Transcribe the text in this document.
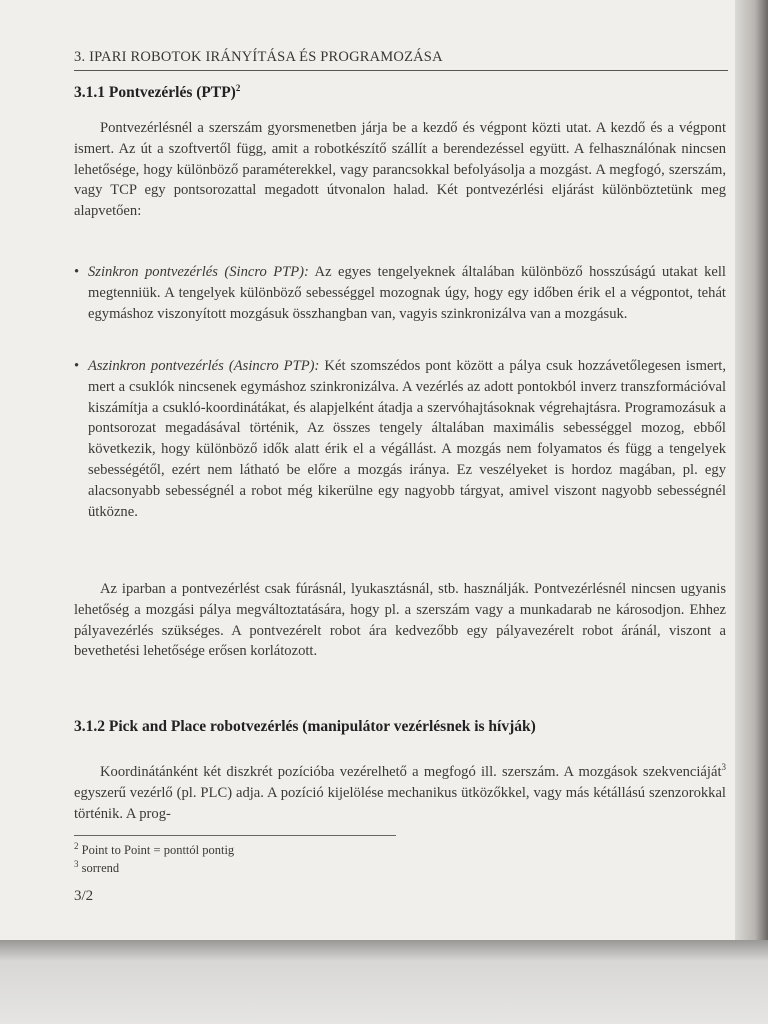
3. IPARI ROBOTOK IRÁNYÍTÁSA ÉS PROGRAMOZÁSA
3.1.1 Pontvezérlés (PTP)$^2$

Pontvezérlésnél a szerszám gyorsmenetben járja be a kezdő és végpont közti utat. A kezdő és a végpont ismert. Az út a szoftvertől függ, amit a robotkészítő szállít a berendezéssel együtt. A felhasználónak nincsen lehetősége, hogy különböző paraméterekkel, vagy parancsokkal befolyásolja a mozgást. A megfogó, szerszám, vagy TCP egy pontsorozattal megadott útvonalon halad. Két pontvezérlési eljárást különböztetünk meg alapvetően:

• Szinkron pontvezérlés (Sincro PTP): Az egyes tengelyeknek általában különböző hosszúságú utakat kell megtenniük. A tengelyek különböző sebességgel mozognak úgy, hogy egy időben érik el a végpontot, tehát egymáshoz viszonyított mozgásuk összhangban van, vagyis szinkronizálva van a mozgásuk.

• Aszinkron pontvezérlés (Asincro PTP): Két szomszédos pont között a pálya csuk hozzávetőlegesen ismert, mert a csuklók nincsenek egymáshoz szinkronizálva. A vezérlés az adott pontokból inverz transzformációval kiszámítja a csukló-koordinátákat, és alapjelként átadja a szervóhajtásoknak végrehajtásra. Programozásuk a pontsorozat megadásával történik, Az összes tengely általában maximális sebességgel mozog, ebből következik, hogy különböző idők alatt érik el a végállást. A mozgás nem folyamatos és függ a tengelyek sebességétől, ezért nem látható be előre a mozgás iránya. Ez veszélyeket is hordoz magában, pl. egy alacsonyabb sebességnél a robot még kikerülne egy nagyobb tárgyat, amivel viszont nagyobb sebességnél ütközne.

Az iparban a pontvezérlést csak fúrásnál, lyukasztásnál, stb. használják. Pontvezérlésnél nincsen ugyanis lehetőség a mozgási pálya megváltoztatására, hogy pl. a szerszám vagy a munkadarab ne károsodjon. Ehhez pályavezérlés szükséges. A pontvezérelt robot ára kedvezőbb egy pályavezérelt robot áránál, viszont a bevethetési lehetősége erősen korlátozott.

3.1.2 Pick and Place robotvezérlés (manipulátor vezérlésnek is hívják)

Koordinátánként két diszkrét pozícióba vezérelhető a megfogó ill. szerszám. A mozgások szekvenciáját$^3$ egyszerű vezérlő (pl. PLC) adja. A pozíció kijelölése mechanikus ütközőkkel, vagy más kétállású szenzorokkal történik. A prog-

$^2$ Point to Point = ponttól pontig
$^3$ sorrend
3/2
